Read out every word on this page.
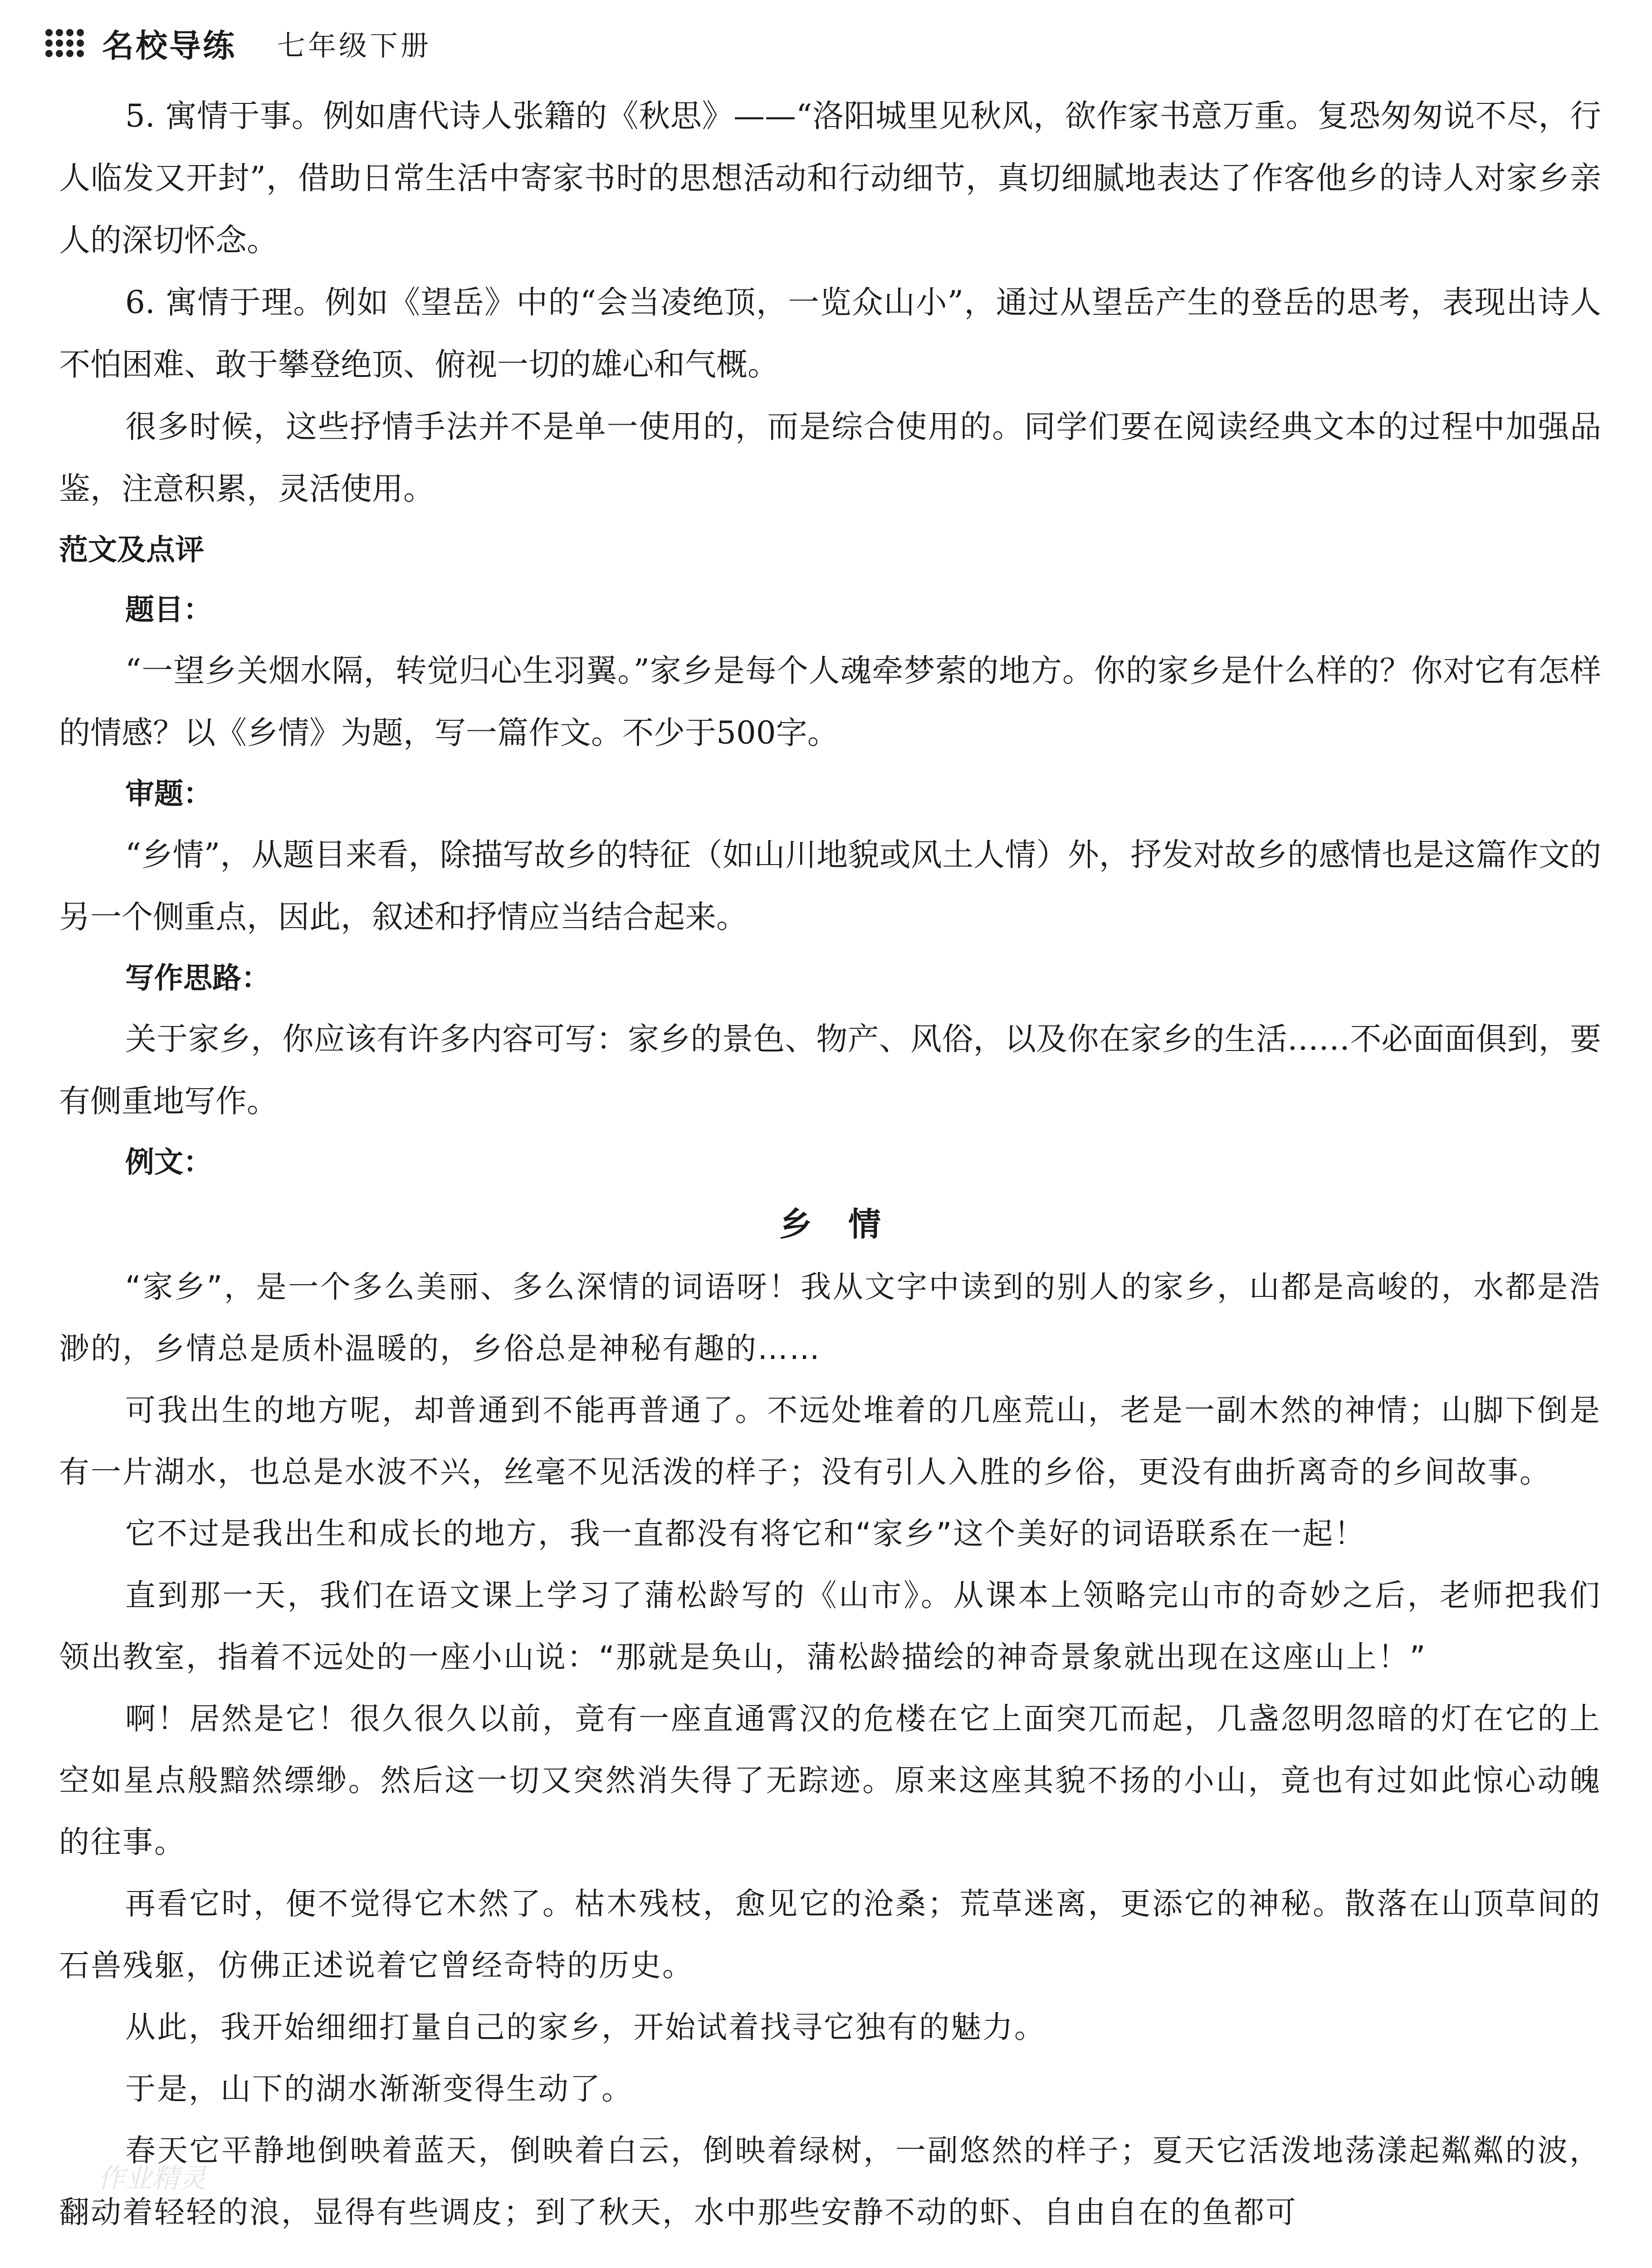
名校导练 七年级下册

5. 寓情于事。例如唐代诗人张籍的《秋思》——“洛阳城里见秋风，欲作家书意万重。复恐匆匆说不尽，行人临发又开封”，借助日常生活中寄家书时的思想活动和行动细节，真切细腻地表达了作客他乡的诗人对家乡亲人的深切怀念。

6. 寓情于理。例如《望岳》中的“会当凌绝顶，一览众山小”，通过从望岳产生的登岳的思考，表现出诗人不怕困难、敢于攀登绝顶、俯视一切的雄心和气概。

很多时候，这些抒情手法并不是单一使用的，而是综合使用的。同学们要在阅读经典文本的过程中加强品鉴，注意积累，灵活使用。

范文及点评

题目：

“一望乡关烟水隔，转觉归心生羽翼。”家乡是每个人魂牵梦萦的地方。你的家乡是什么样的？你对它有怎样的情感？以《乡情》为题，写一篇作文。不少于500字。

审题：

“乡情”，从题目来看，除描写故乡的特征（如山川地貌或风土人情）外，抒发对故乡的感情也是这篇作文的另一个侧重点，因此，叙述和抒情应当结合起来。

写作思路：

关于家乡，你应该有许多内容可写：家乡的景色、物产、风俗，以及你在家乡的生活……不必面面俱到，要有侧重地写作。

例文：

乡情

“家乡”，是一个多么美丽、多么深情的词语呀！我从文字中读到的别人的家乡，山都是高峻的，水都是浩渺的，乡情总是质朴温暖的，乡俗总是神秘有趣的……

可我出生的地方呢，却普通到不能再普通了。不远处堆着的几座荒山，老是一副木然的神情；山脚下倒是有一片湖水，也总是水波不兴，丝毫不见活泼的样子；没有引人入胜的乡俗，更没有曲折离奇的乡间故事。

它不过是我出生和成长的地方，我一直都没有将它和“家乡”这个美好的词语联系在一起！

直到那一天，我们在语文课上学习了蒲松龄写的《山市》。从课本上领略完山市的奇妙之后，老师把我们领出教室，指着不远处的一座小山说：“那就是奂山，蒲松龄描绘的神奇景象就出现在这座山上！”

啊！居然是它！很久很久以前，竟有一座直通霄汉的危楼在它上面突兀而起，几盏忽明忽暗的灯在它的上空如星点般黯然缥缈。然后这一切又突然消失得了无踪迹。原来这座其貌不扬的小山，竟也有过如此惊心动魄的往事。

再看它时，便不觉得它木然了。枯木残枝，愈见它的沧桑；荒草迷离，更添它的神秘。散落在山顶草间的石兽残躯，仿佛正述说着它曾经奇特的历史。

从此，我开始细细打量自己的家乡，开始试着找寻它独有的魅力。

于是，山下的湖水渐渐变得生动了。

春天它平静地倒映着蓝天，倒映着白云，倒映着绿树，一副悠然的样子；夏天它活泼地荡漾起粼粼的波，翻动着轻轻的浪，显得有些调皮；到了秋天，水中那些安静不动的虾、自由自在的鱼都可

作业精灵
